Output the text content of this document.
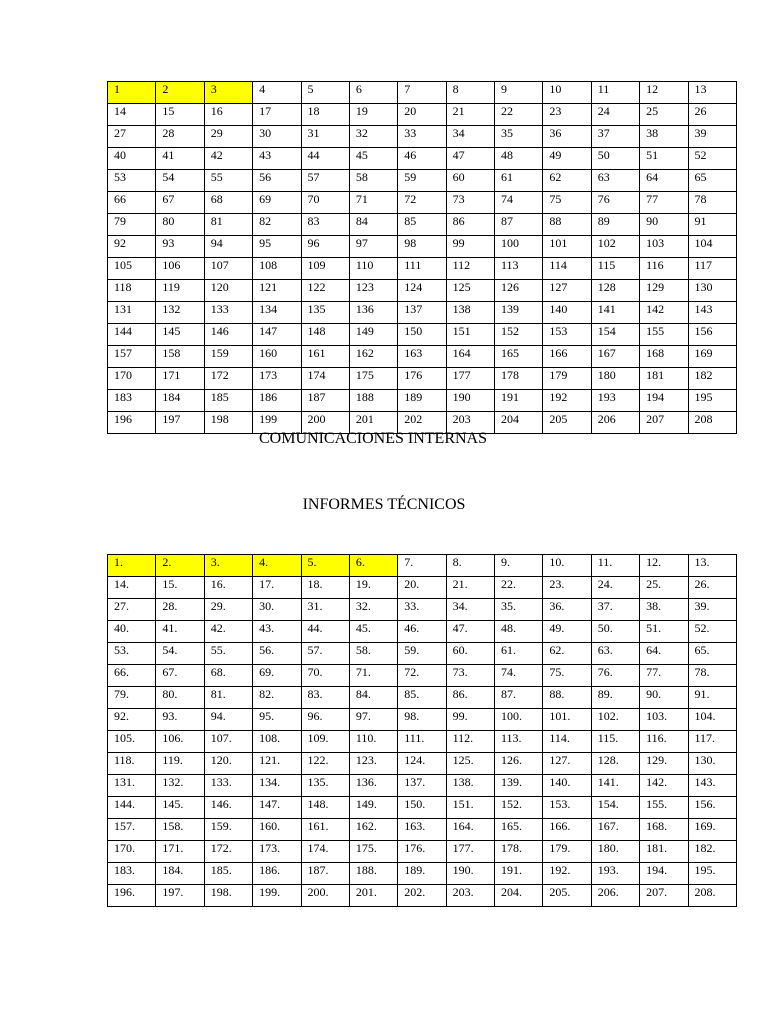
1	2	3	4	5	6	7	8	9	10	11	12	13
14	15	16	17	18	19	20	21	22	23	24	25	26
27	28	29	30	31	32	33	34	35	36	37	38	39
40	41	42	43	44	45	46	47	48	49	50	51	52
53	54	55	56	57	58	59	60	61	62	63	64	65
66	67	68	69	70	71	72	73	74	75	76	77	78
79	80	81	82	83	84	85	86	87	88	89	90	91
92	93	94	95	96	97	98	99	100	101	102	103	104
105	106	107	108	109	110	111	112	113	114	115	116	117
118	119	120	121	122	123	124	125	126	127	128	129	130
131	132	133	134	135	136	137	138	139	140	141	142	143
144	145	146	147	148	149	150	151	152	153	154	155	156
157	158	159	160	161	162	163	164	165	166	167	168	169
170	171	172	173	174	175	176	177	178	179	180	181	182
183	184	185	186	187	188	189	190	191	192	193	194	195
196	197	198	199	200	201	202	203	204	205	206	207	208
COMUNICACIONES INTERNAS
INFORMES TÉCNICOS
1.	2.	3.	4.	5.	6.	7.	8.	9.	10.	11.	12.	13.
14.	15.	16.	17.	18.	19.	20.	21.	22.	23.	24.	25.	26.
27.	28.	29.	30.	31.	32.	33.	34.	35.	36.	37.	38.	39.
40.	41.	42.	43.	44.	45.	46.	47.	48.	49.	50.	51.	52.
53.	54.	55.	56.	57.	58.	59.	60.	61.	62.	63.	64.	65.
66.	67.	68.	69.	70.	71.	72.	73.	74.	75.	76.	77.	78.
79.	80.	81.	82.	83.	84.	85.	86.	87.	88.	89.	90.	91.
92.	93.	94.	95.	96.	97.	98.	99.	100.	101.	102.	103.	104.
105.	106.	107.	108.	109.	110.	111.	112.	113.	114.	115.	116.	117.
118.	119.	120.	121.	122.	123.	124.	125.	126.	127.	128.	129.	130.
131.	132.	133.	134.	135.	136.	137.	138.	139.	140.	141.	142.	143.
144.	145.	146.	147.	148.	149.	150.	151.	152.	153.	154.	155.	156.
157.	158.	159.	160.	161.	162.	163.	164.	165.	166.	167.	168.	169.
170.	171.	172.	173.	174.	175.	176.	177.	178.	179.	180.	181.	182.
183.	184.	185.	186.	187.	188.	189.	190.	191.	192.	193.	194.	195.
196.	197.	198.	199.	200.	201.	202.	203.	204.	205.	206.	207.	208.
